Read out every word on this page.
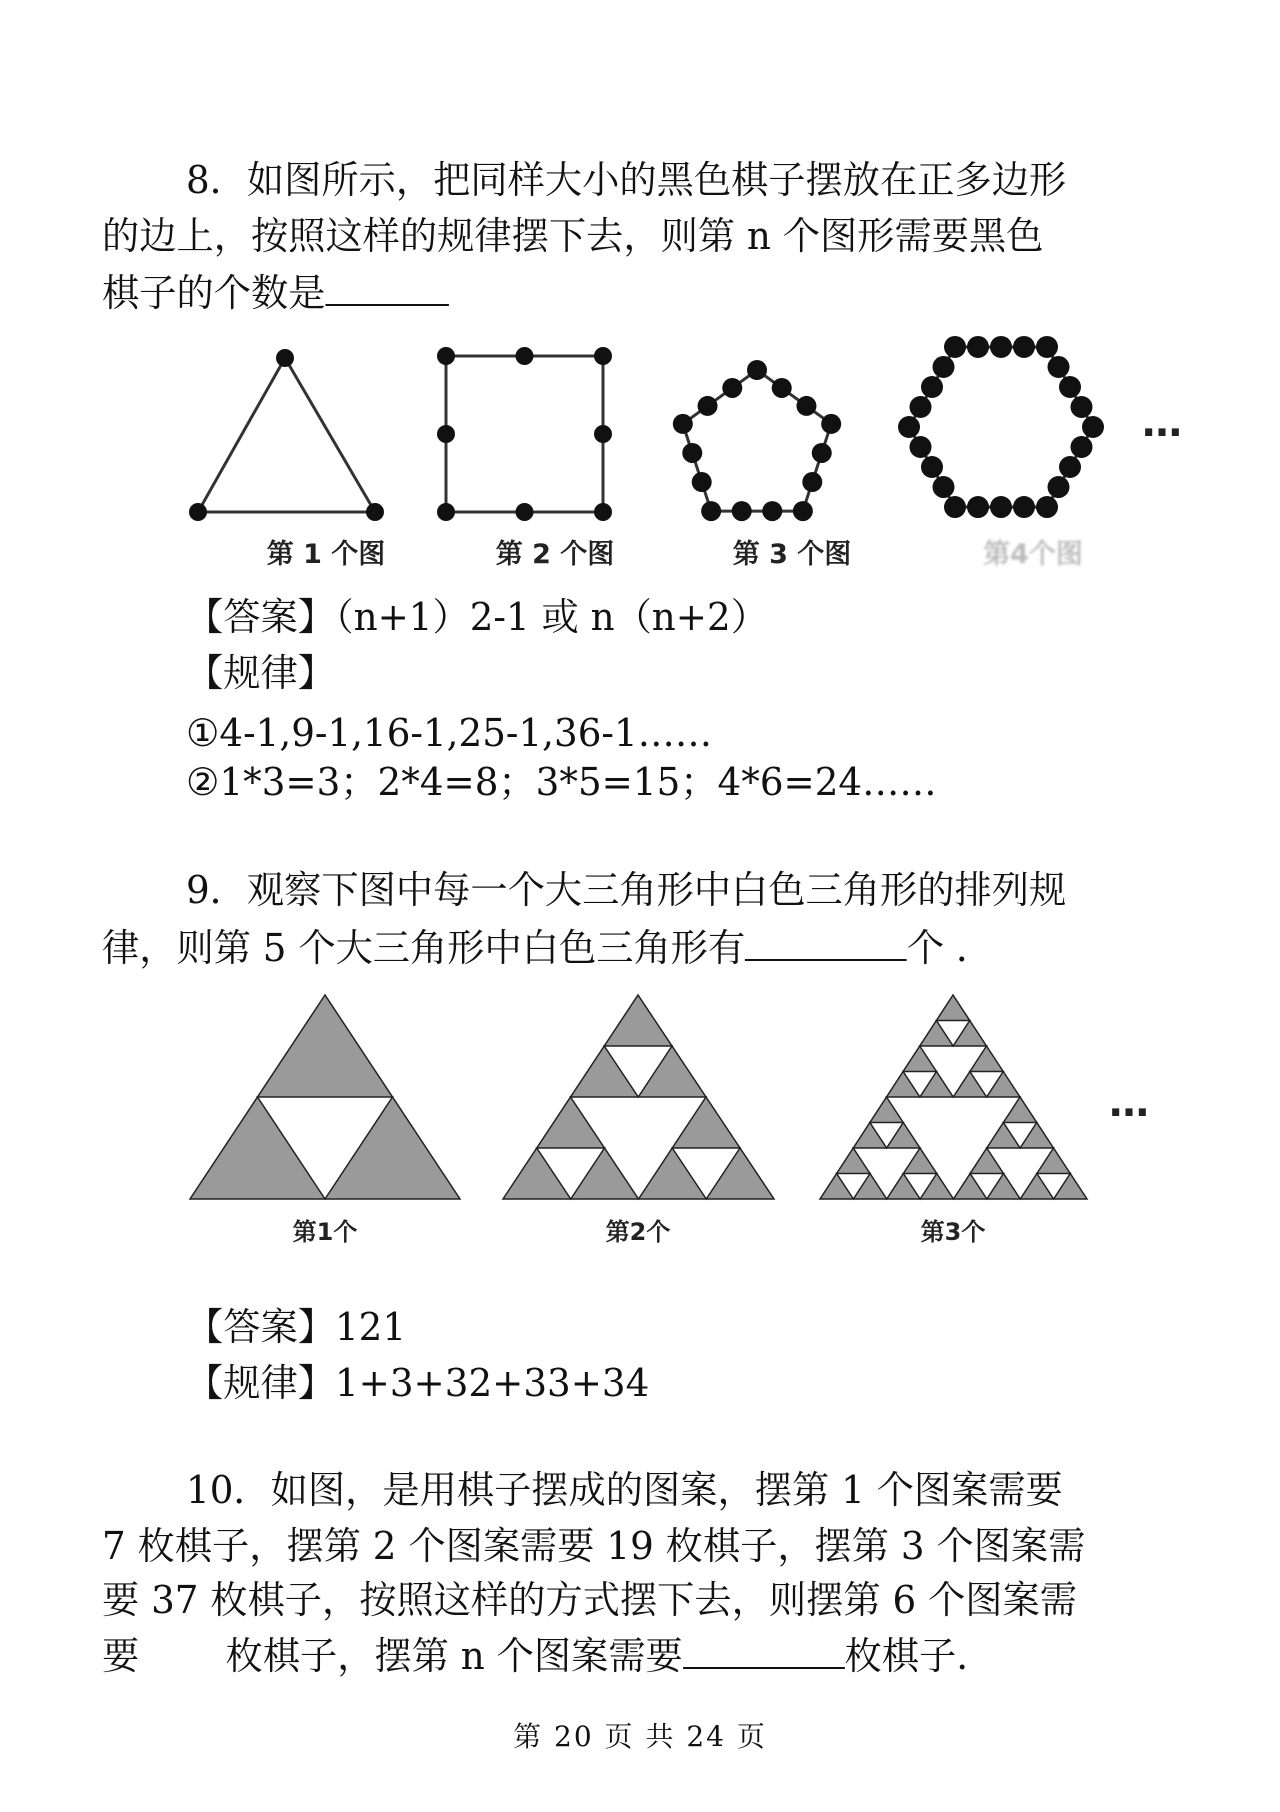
8．如图所示，把同样大小的黑色棋子摆放在正多边形
的边上，按照这样的规律摆下去，则第 n 个图形需要黑色
棋子的个数是
第 1 个图	第 2 个图	第 3 个图	第4个图
…
【答案】（n+1）2-1 或 n（n+2）
【规律】
①4-1,9-1,16-1,25-1,36-1……
②1*3=3；2*4=8；3*5=15；4*6=24……
9．观察下图中每一个大三角形中白色三角形的排列规
律，则第 5 个大三角形中白色三角形有	个 ．
第1个	第2个	第3个
…
【答案】121
【规律】1+3+32+33+34
10．如图，是用棋子摆成的图案，摆第 1 个图案需要
7 枚棋子，摆第 2 个图案需要 19 枚棋子，摆第 3 个图案需
要 37 枚棋子，按照这样的方式摆下去，则摆第 6 个图案需
要 枚棋子，摆第 n 个图案需要	枚棋子.
第 20 页 共 24 页
